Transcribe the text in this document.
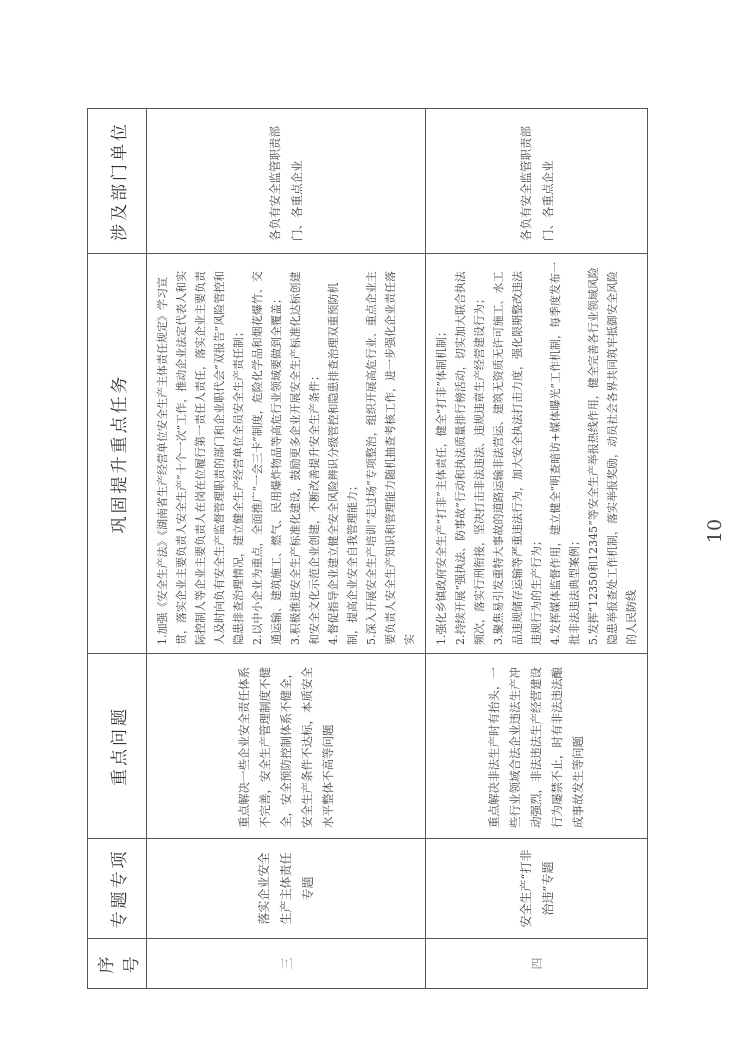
序号	专题专项	重点问题	巩固提升重点任务	涉及部门单位
三	落实企业安全生产主体责任专题	重点解决一些企业安全责任体系不完善，安全生产管理制度不健全，安全预防控制体系不健全，安全生产条件不达标，本质安全水平整体不高等问题	1.加强《安全生产法》《湖南省生产经营单位安全生产主体责任规定》学习宣贯，落实企业主要负责人安全生产“十个一次”工作，推动企业法定代表人和实际控制人等企业主要负责人在岗在位履行第一责任人责任，落实企业主要负责人及时向负有安全生产监督管理职责的部门和企业职代会“双报告”风险管控和隐患排查治理情况，建立健全生产经营单位全员安全生产责任制； 2.以中小企业为重点，全面推广“一会三卡”制度，危险化学品和烟花爆竹、交通运输、建筑施工、燃气、民用爆炸物品等高危行业领域要做到全覆盖； 3.积极推进安全生产标准化建设，鼓励更多企业开展安全生产标准化达标创建和安全文化示范企业创建，不断改善提升安全生产条件； 4.督促指导企业建立健全安全风险辨识分级管控和隐患排查治理双重预防机制，提高企业安全自我管理能力； 5.深入开展安全生产培训“走过场”专项整治，组织开展高危行业、重点企业主要负责人安全生产知识和管理能力随机抽查考核工作，进一步强化企业责任落实	各负有安全监管职责部门、各重点企业
四	安全生产“打非治违”专题	重点解决非法生产时有抬头，一些行业领域合法企业违法生产冲动强烈，非法违法生产经营建设行为屡禁不止，时有非法违法酿成事故发生等问题	1.强化乡镇政府安全生产“打非”主体责任，健全“打非”体制机制； 2.持续开展“强执法、防事故”行动和执法质量排行榜活动，切实加大联合执法频次，落实行刑衔接，坚决打击非法违法、违规违章生产经营建设行为； 3.聚焦易引发重特大事故的道路运输非法营运、建筑无资质无许可施工、水工品违规储存运输等严重违法行为，加大安全执法打击力度，强化限期整改违法违规行为的生产行为； 4.发挥媒体监督作用，建立健全“明查暗访+媒体曝光”工作机制，每季度发布一批非法违法典型案例； 5.发挥“12350和12345”等安全生产举报热线作用，健全完善各行业领域风险隐患举报查处工作机制，落实举报奖励，动员社会各界共同筑牢抵御安全风险的人民防线	各负有安全监管职责部门、各重点企业
10
